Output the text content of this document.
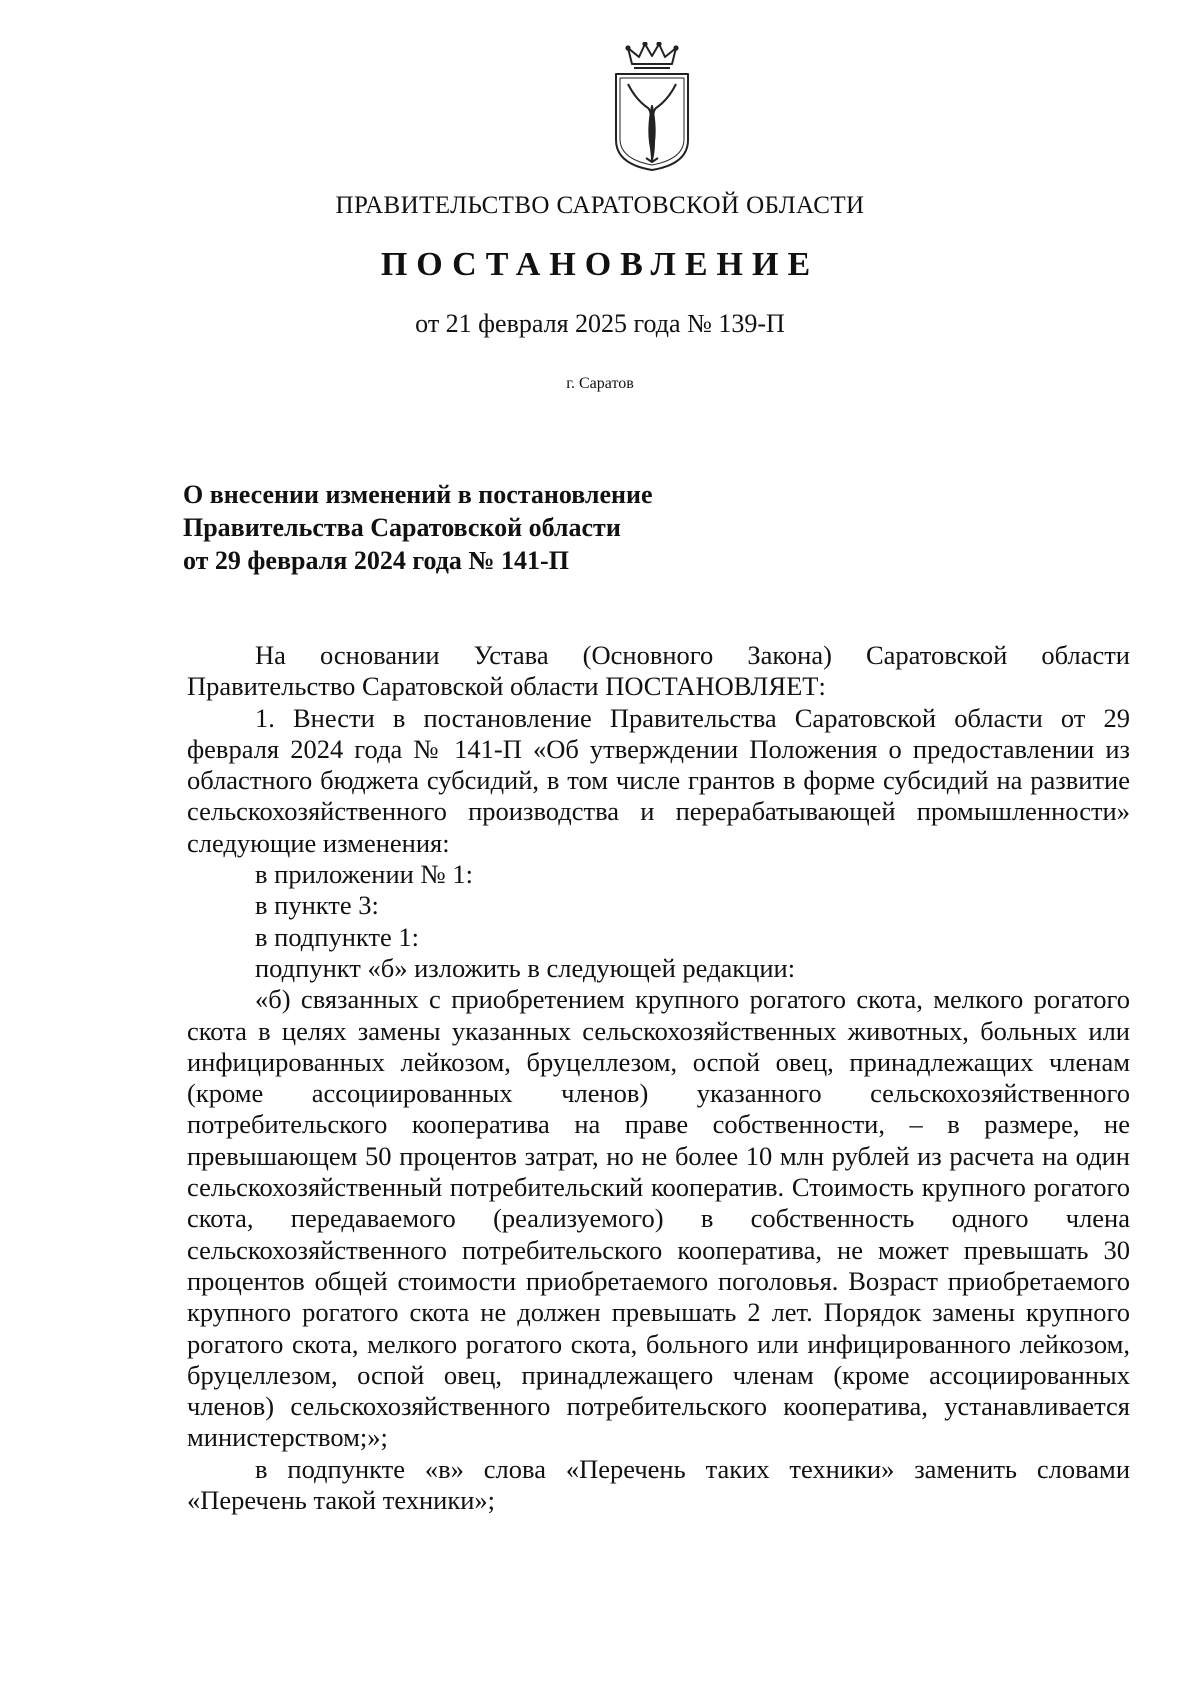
ПРАВИТЕЛЬСТВО САРАТОВСКОЙ ОБЛАСТИ
ПОСТАНОВЛЕНИЕ
от 21 февраля 2025 года № 139-П
г. Саратов
О внесении изменений в постановление
Правительства Саратовской области
от 29 февраля 2024 года № 141-П

На основании Устава (Основного Закона) Саратовской области Правительство Саратовской области ПОСТАНОВЛЯЕТ:

1. Внести в постановление Правительства Саратовской области от 29 февраля 2024 года № 141-П «Об утверждении Положения о предоставлении из областного бюджета субсидий, в том числе грантов в форме субсидий на развитие сельскохозяйственного производства и перерабатывающей промышленности» следующие изменения:

в приложении № 1:

в пункте 3:

в подпункте 1:

подпункт «б» изложить в следующей редакции:

«б) связанных с приобретением крупного рогатого скота, мелкого рогатого скота в целях замены указанных сельскохозяйственных животных, больных или инфицированных лейкозом, бруцеллезом, оспой овец, принадлежащих членам (кроме ассоциированных членов) указанного сельскохозяйственного потребительского кооператива на праве собственности, – в размере, не превышающем 50 процентов затрат, но не более 10 млн рублей из расчета на один сельскохозяйственный потребительский кооператив. Стоимость крупного рогатого скота, передаваемого (реализуемого) в собственность одного члена сельскохозяйственного потребительского кооператива, не может превышать 30 процентов общей стоимости приобретаемого поголовья. Возраст приобретаемого крупного рогатого скота не должен превышать 2 лет. Порядок замены крупного рогатого скота, мелкого рогатого скота, больного или инфицированного лейкозом, бруцеллезом, оспой овец, принадлежащего членам (кроме ассоциированных членов) сельскохозяйственного потребительского кооператива, устанавливается министерством;»;

в подпункте «в» слова «Перечень таких техники» заменить словами «Перечень такой техники»;
